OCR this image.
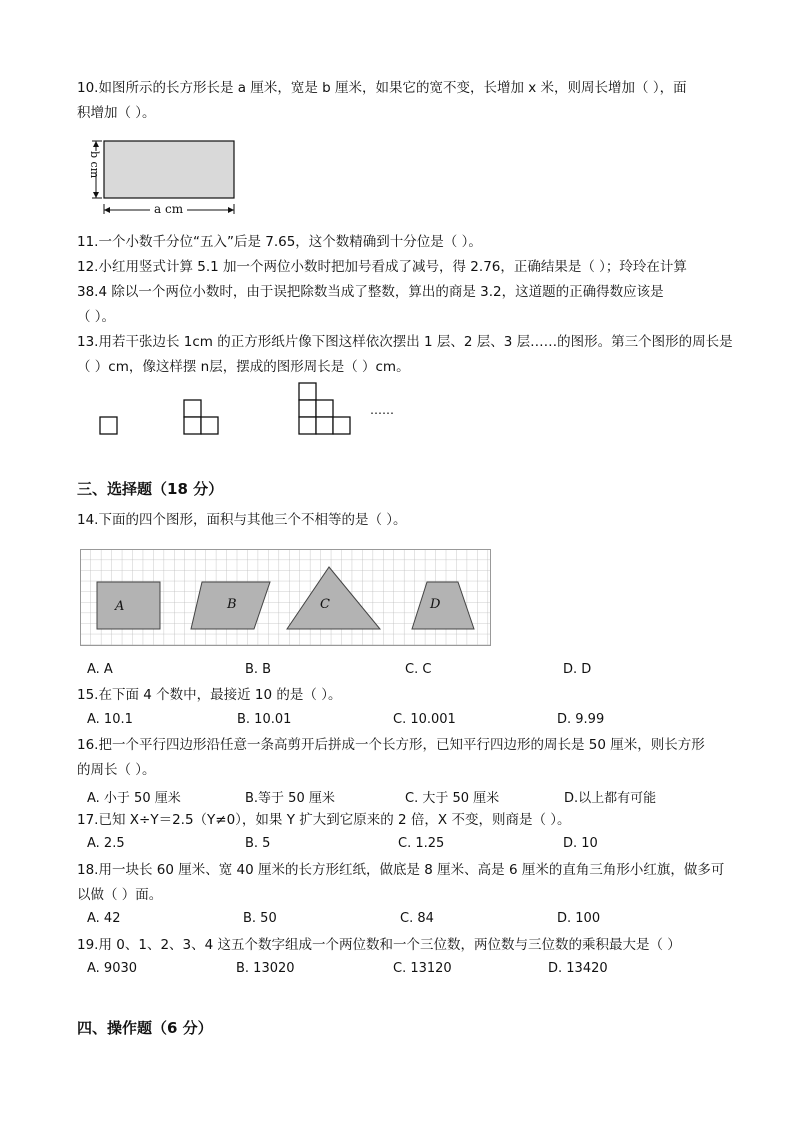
10.如图所示的长方形长是 a 厘米，宽是 b 厘米，如果它的宽不变，长增加 x 米，则周长增加（ ），面
积增加（ ）。
b cm
a cm
11.一个小数千分位“五入”后是 7.65，这个数精确到十分位是（ ）。
12.小红用竖式计算 5.1 加一个两位小数时把加号看成了减号，得 2.76，正确结果是（ ）；玲玲在计算
38.4 除以一个两位小数时，由于误把除数当成了整数，算出的商是 3.2，这道题的正确得数应该是
（ ）。
13.用若干张边长 1cm 的正方形纸片像下图这样依次摆出 1 层、2 层、3 层……的图形。第三个图形的周长是
（ ）cm，像这样摆 n层，摆成的图形周长是（ ）cm。
……
三、选择题（18 分）
14.下面的四个图形，面积与其他三个不相等的是（ ）。
A	B	C	D
A. A	B. B	C. C	D. D
15.在下面 4 个数中，最接近 10 的是（ ）。
A. 10.1	B. 10.01	C. 10.001	D. 9.99
16.把一个平行四边形沿任意一条高剪开后拼成一个长方形，已知平行四边形的周长是 50 厘米，则长方形
的周长（ ）。
A. 小于 50 厘米	B.等于 50 厘米	C. 大于 50 厘米	D.以上都有可能
17.已知 X÷Y＝2.5（Y≠0），如果 Y 扩大到它原来的 2 倍，X 不变，则商是（ ）。
A. 2.5	B. 5	C. 1.25	D. 10
18.用一块长 60 厘米、宽 40 厘米的长方形红纸，做底是 8 厘米、高是 6 厘米的直角三角形小红旗，做多可
以做（ ）面。
A. 42	B. 50	C. 84	D. 100
19.用 0、1、2、3、4 这五个数字组成一个两位数和一个三位数，两位数与三位数的乘积最大是（ ）
A. 9030	B. 13020	C. 13120	D. 13420
四、操作题（6 分）
